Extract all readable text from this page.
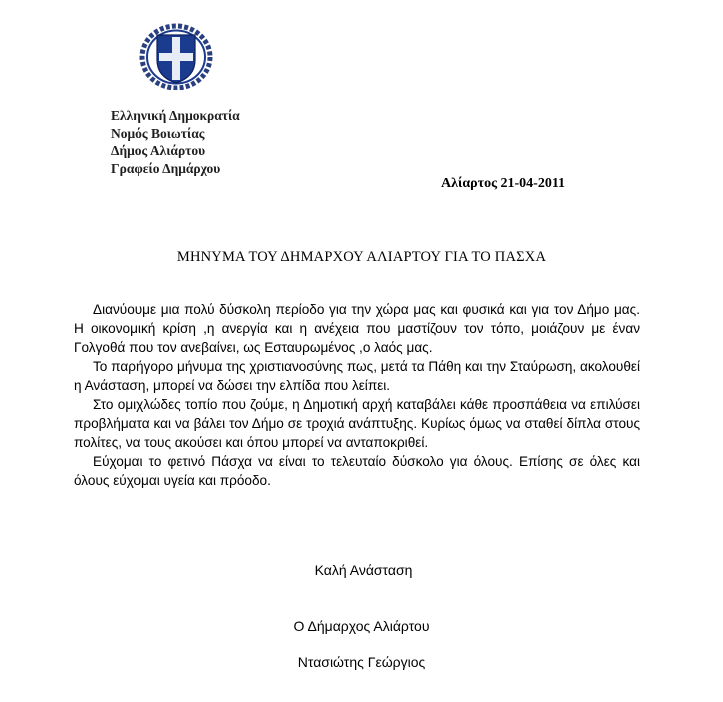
Ελληνική Δημοκρατία
Νομός Βοιωτίας
Δήμος Αλιάρτου
Γραφείο Δημάρχου
Αλίαρτος 21-04-2011
ΜΗΝΥΜΑ ΤΟΥ ΔΗΜΑΡΧΟΥ ΑΛΙΑΡΤΟΥ ΓΙΑ ΤΟ ΠΑΣΧΑ

Διανύουμε μια πολύ δύσκολη περίοδο για την χώρα μας και φυσικά και για τον Δήμο μας. Η οικονομική κρίση ,η ανεργία και η ανέχεια που μαστίζουν τον τόπο, μοιάζουν με έναν Γολγοθά που τον ανεβαίνει, ως Εσταυρωμένος ,ο λαός μας.

Το παρήγορο μήνυμα της χριστιανοσύνης πως, μετά τα Πάθη και την Σταύρωση, ακολουθεί η Ανάσταση, μπορεί να δώσει την ελπίδα που λείπει.

Στο ομιχλώδες τοπίο που ζούμε, η Δημοτική αρχή καταβάλει κάθε προσπάθεια να επιλύσει προβλήματα και να βάλει τον Δήμο σε τροχιά ανάπτυξης. Κυρίως όμως να σταθεί δίπλα στους πολίτες, να τους ακούσει και όπου μπορεί να ανταποκριθεί.

Εύχομαι το φετινό Πάσχα να είναι το τελευταίο δύσκολο για όλους. Επίσης σε όλες και όλους εύχομαι υγεία και πρόοδο.

Καλή Ανάσταση
Ο Δήμαρχος Αλιάρτου
Ντασιώτης Γεώργιος
